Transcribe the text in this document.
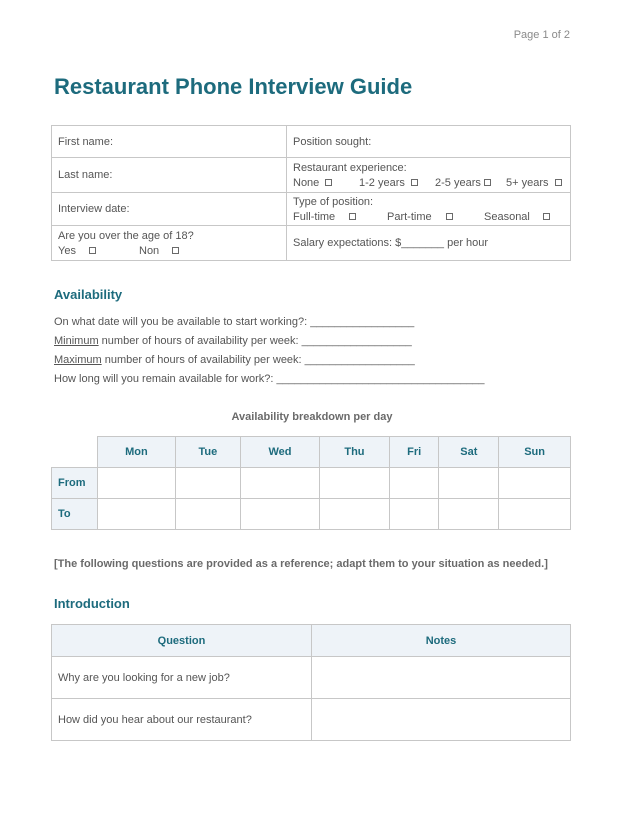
Page 1 of 2
Restaurant Phone Interview Guide
First name:	Position sought:
Last name:	Restaurant experience:
None 1-2 years 2-5 years 5+ years

Interview date:	Type of position:
Full-time Part-time Seasonal

Are you over the age of 18?
Yes Non	Salary expectations: $_______ per hour
Availability
On what date will you be available to start working?: _________________
Minimum number of hours of availability per week: __________________
Maximum number of hours of availability per week: __________________
How long will you remain available for work?: __________________________________
Availability breakdown per day
	Mon	Tue	Wed	Thu	Fri	Sat	Sun
From							
To							
[The following questions are provided as a reference; adapt them to your situation as needed.]
Introduction
Question	Notes
Why are you looking for a new job?	
How did you hear about our restaurant?	
